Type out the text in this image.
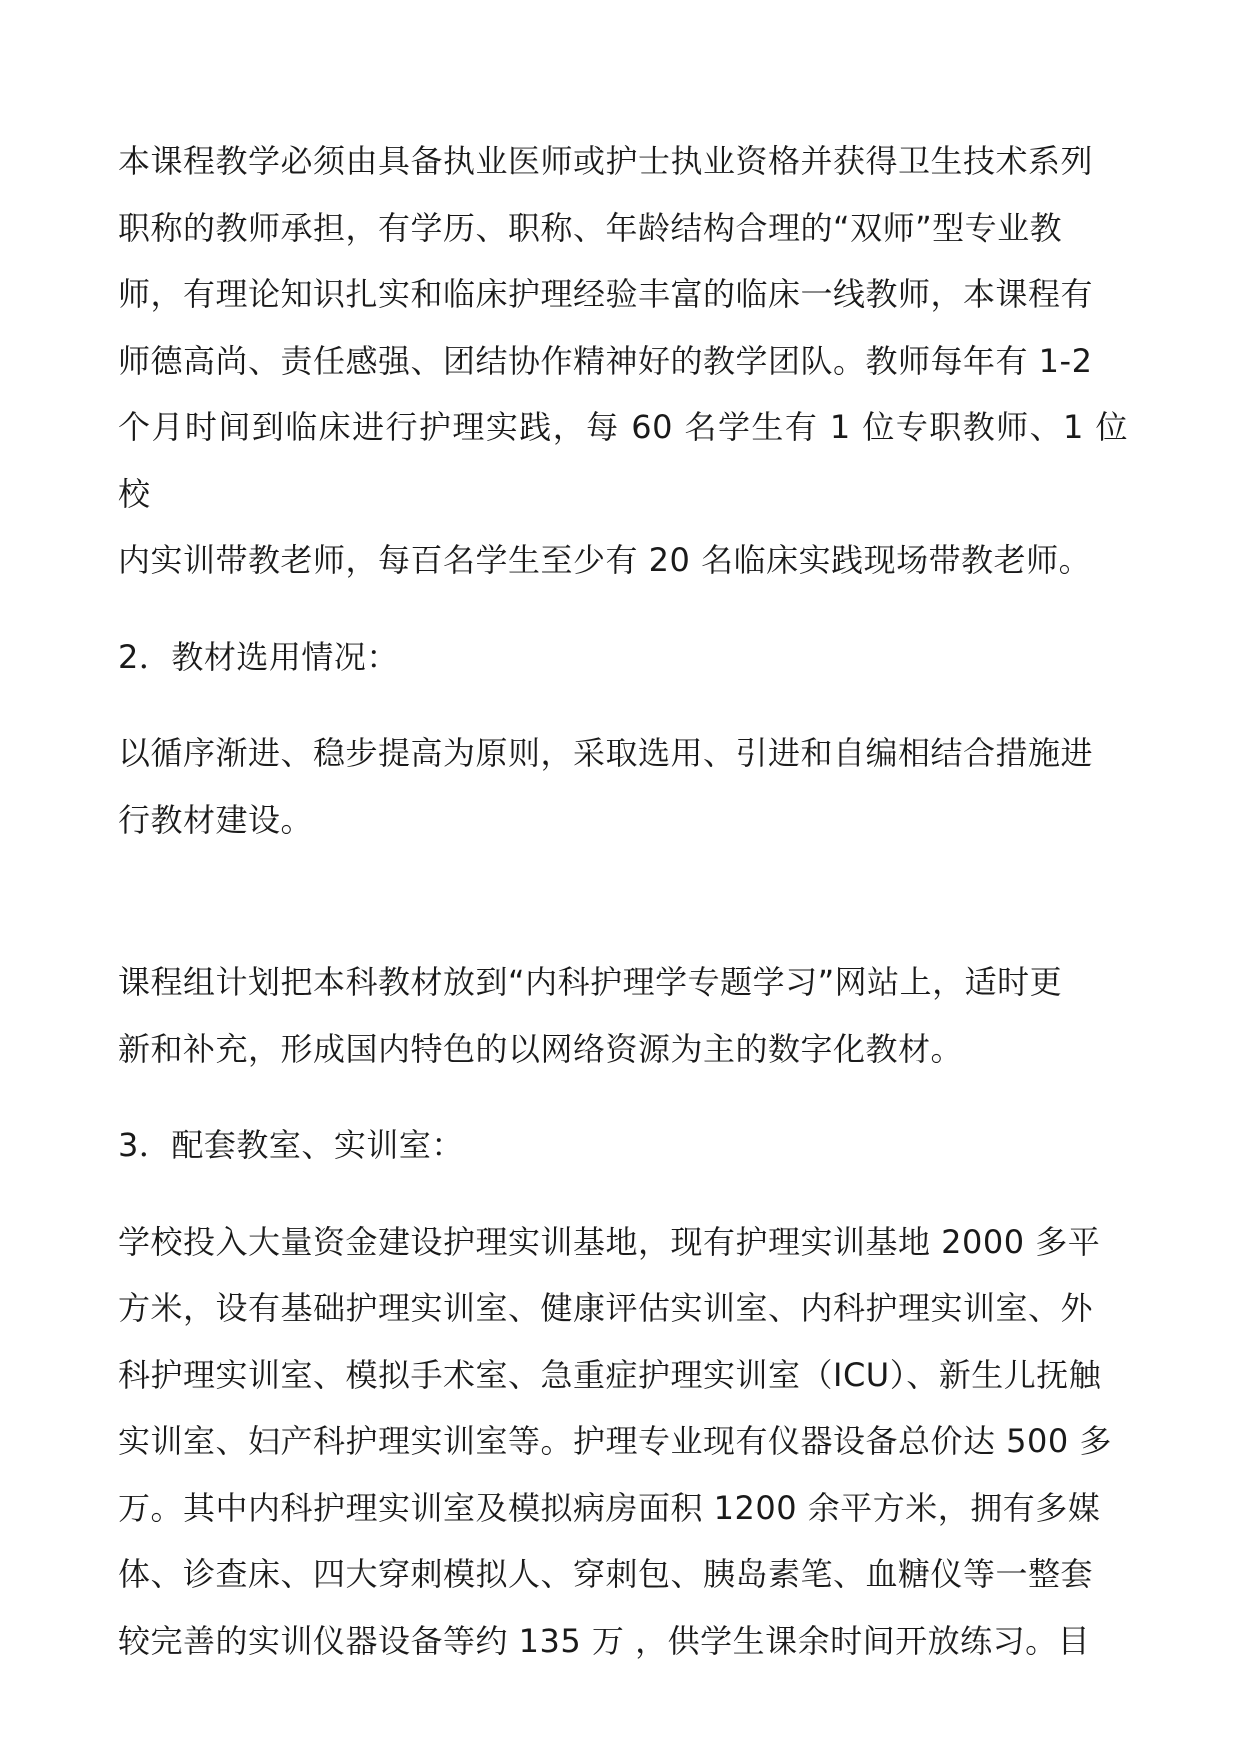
本课程教学必须由具备执业医师或护士执业资格并获得卫生技术系列
职称的教师承担，有学历、职称、年龄结构合理的“双师”型专业教
师，有理论知识扎实和临床护理经验丰富的临床一线教师，本课程有
师德高尚、责任感强、团结协作精神好的教学团队。教师每年有 1-2
个月时间到临床进行护理实践，每 60 名学生有 1 位专职教师、1 位校
内实训带教老师，每百名学生至少有 20 名临床实践现场带教老师。
2．教材选用情况：
以循序渐进、稳步提高为原则，采取选用、引进和自编相结合措施进
行教材建设。
课程组计划把本科教材放到“内科护理学专题学习”网站上，适时更
新和补充，形成国内特色的以网络资源为主的数字化教材。
3．配套教室、实训室：
学校投入大量资金建设护理实训基地，现有护理实训基地 2000 多平
方米，设有基础护理实训室、健康评估实训室、内科护理实训室、外
科护理实训室、模拟手术室、急重症护理实训室（ICU）、新生儿抚触
实训室、妇产科护理实训室等。护理专业现有仪器设备总价达 500 多
万。其中内科护理实训室及模拟病房面积 1200 余平方米，拥有多媒
体、诊查床、四大穿刺模拟人、穿刺包、胰岛素笔、血糖仪等一整套
较完善的实训仪器设备等约 135 万 ，供学生课余时间开放练习。目
